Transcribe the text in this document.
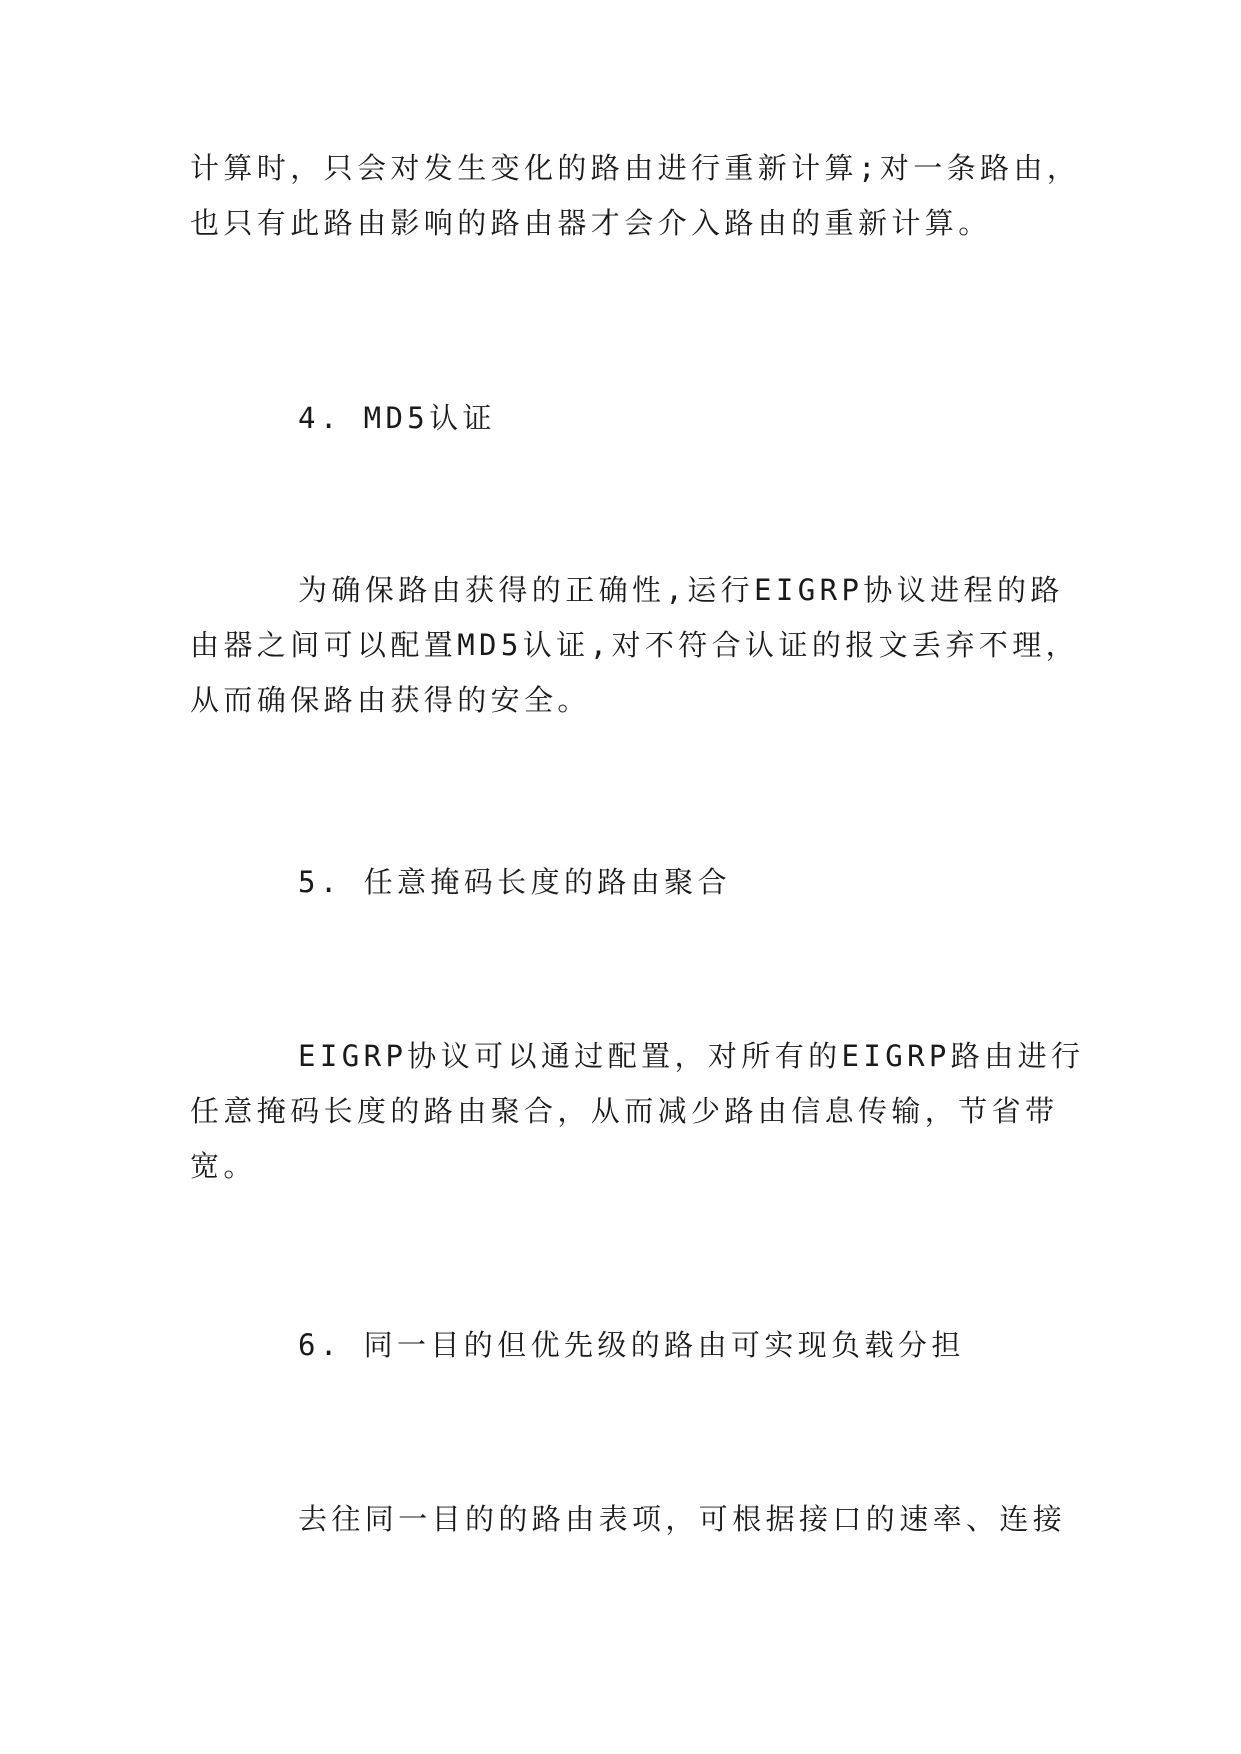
计算时，只会对发生变化的路由进行重新计算;对一条路由，
也只有此路由影响的路由器才会介入路由的重新计算。
4. MD5认证
为确保路由获得的正确性,运行EIGRP协议进程的路
由器之间可以配置MD5认证,对不符合认证的报文丢弃不理，
从而确保路由获得的安全。
5. 任意掩码长度的路由聚合
EIGRP协议可以通过配置，对所有的EIGRP路由进行
任意掩码长度的路由聚合，从而减少路由信息传输，节省带
宽。
6. 同一目的但优先级的路由可实现负载分担
去往同一目的的路由表项，可根据接口的速率、连接
